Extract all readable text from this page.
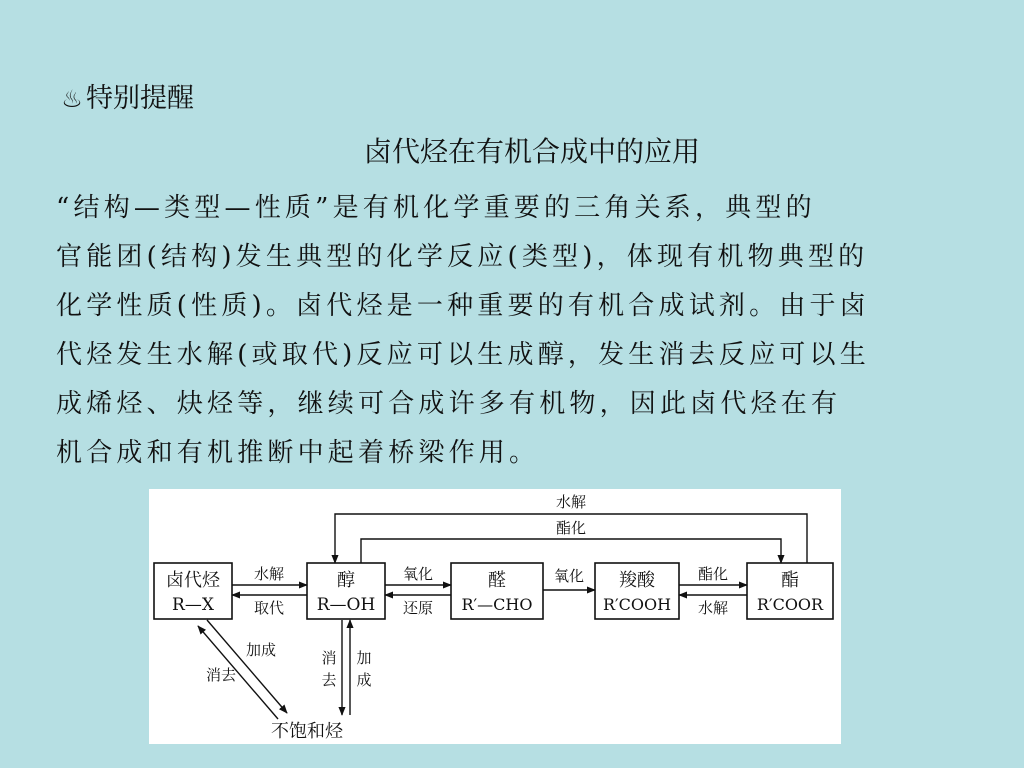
♨ 特别提醒
卤代烃在有机合成中的应用

“结构—类型—性质”是有机化学重要的三角关系，典型的

官能团(结构)发生典型的化学反应(类型)，体现有机物典型的

化学性质(性质)。卤代烃是一种重要的有机合成试剂。由于卤

代烃发生水解(或取代)反应可以生成醇，发生消去反应可以生

成烯烃、炔烃等，继续可合成许多有机物，因此卤代烃在有

机合成和有机推断中起着桥梁作用。

卤代烃
R—X
醇
R—OH
醛
R′—CHO
羧酸
R′COOH
酯
R′COOR
水解
酯化
水解
取代
氧化
还原
氧化	酯化
水解
加成
消去
消
去
加
成
不饱和烃
